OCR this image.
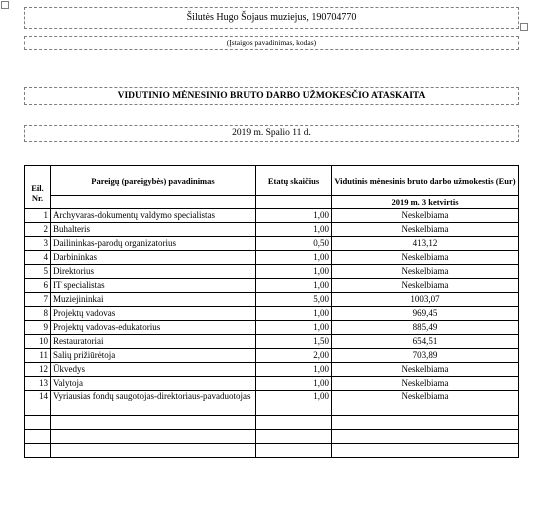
Šilutės Hugo Šojaus muziejus, 190704770
(Įstaigos pavadinimas, kodas)
VIDUTINIO MĖNESINIO BRUTO DARBO UŽMOKESČIO ATASKAITA
2019 m. Spalio 11 d.
Eil.
Nr.	Pareigų (pareigybės) pavadinimas	Etatų skaičius	Vidutinis mėnesinis bruto darbo užmokestis (Eur)
			2019 m. 3 ketvirtis
1	Archyvaras-dokumentų valdymo specialistas	1,00	Neskelbiama
2	Buhalteris	1,00	Neskelbiama
3	Dailininkas-parodų organizatorius	0,50	413,12
4	Darbininkas	1,00	Neskelbiama
5	Direktorius	1,00	Neskelbiama
6	IT specialistas	1,00	Neskelbiama
7	Muziejininkai	5,00	1003,07
8	Projektų vadovas	1,00	969,45
9	Projektų vadovas-edukatorius	1,00	885,49
10	Restauratoriai	1,50	654,51
11	Salių prižiūrėtoja	2,00	703,89
12	Ūkvedys	1,00	Neskelbiama
13	Valytoja	1,00	Neskelbiama
14	Vyriausias fondų saugotojas-direktoriaus-pavaduotojas	1,00	Neskelbiama
